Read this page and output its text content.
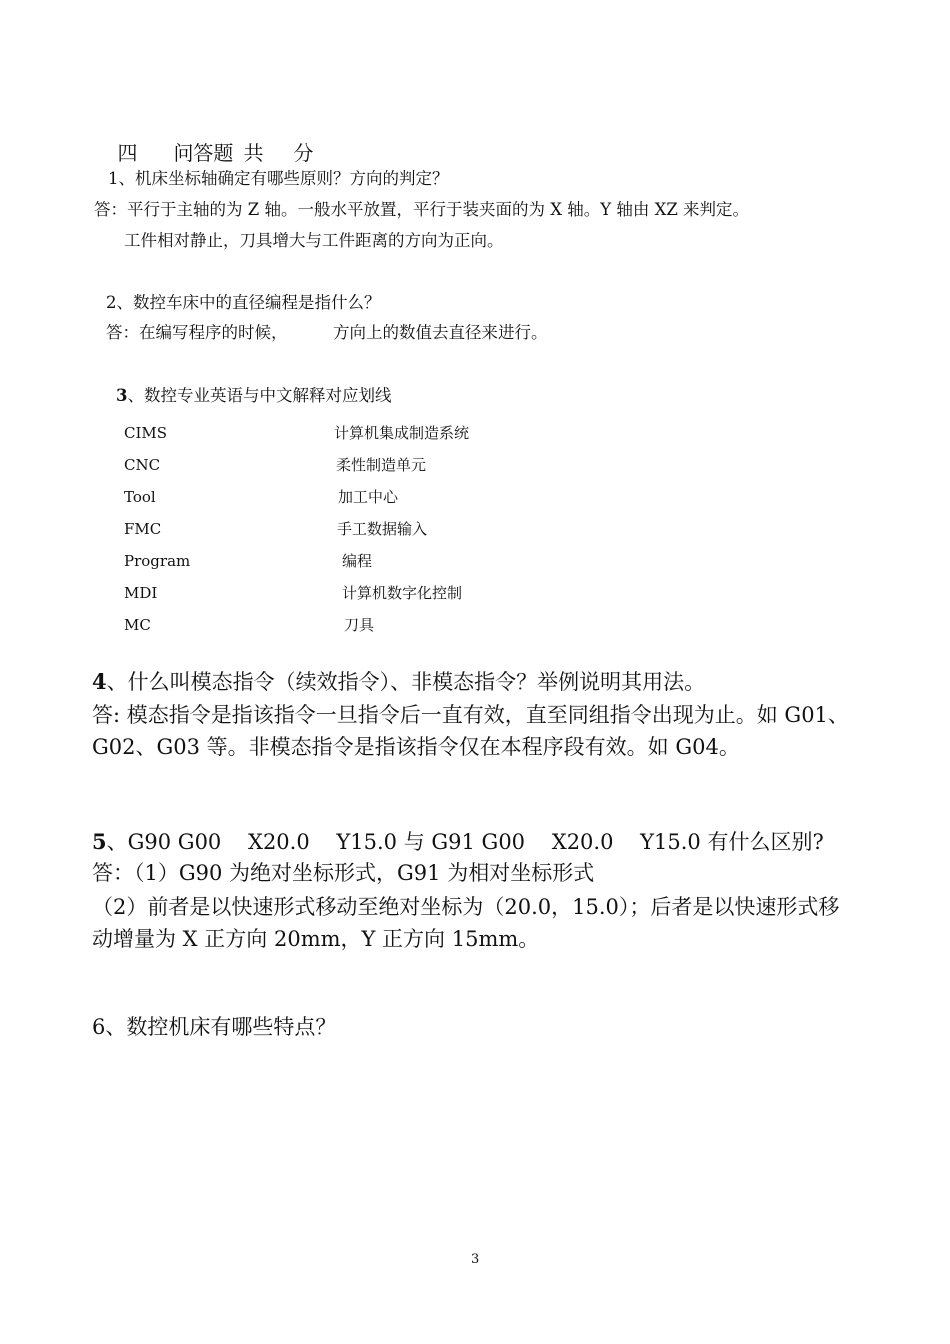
四 问答题 共 分

1、机床坐标轴确定有哪些原则？方向的判定？
答：平行于主轴的为 Z 轴。一般水平放置，平行于装夹面的为 X 轴。Y 轴由 XZ 来判定。
工件相对静止，刀具增大与工件距离的方向为正向。
2、数控车床中的直径编程是指什么？
答：在编写程序的时候，	方向上的数值去直径来进行。
3、数控专业英语与中文解释对应划线
CIMS	计算机集成制造系统
CNC	柔性制造单元
Tool	加工中心
FMC	手工数据输入
Program	编程
MDI	计算机数字化控制
MC	刀具
4、什么叫模态指令（续效指令）、非模态指令？举例说明其用法。
答: 模态指令是指该指令一旦指令后一直有效，直至同组指令出现为止。如 G01、
G02、G03 等。非模态指令是指该指令仅在本程序段有效。如 G04。
5、G90 G00    X20.0    Y15.0 与 G91 G00    X20.0    Y15.0 有什么区别?
答：（1）G90 为绝对坐标形式，G91 为相对坐标形式
（2）前者是以快速形式移动至绝对坐标为（20.0，15.0）；后者是以快速形式移
动增量为 X 正方向 20mm，Y 正方向 15mm。
6、数控机床有哪些特点？
3
